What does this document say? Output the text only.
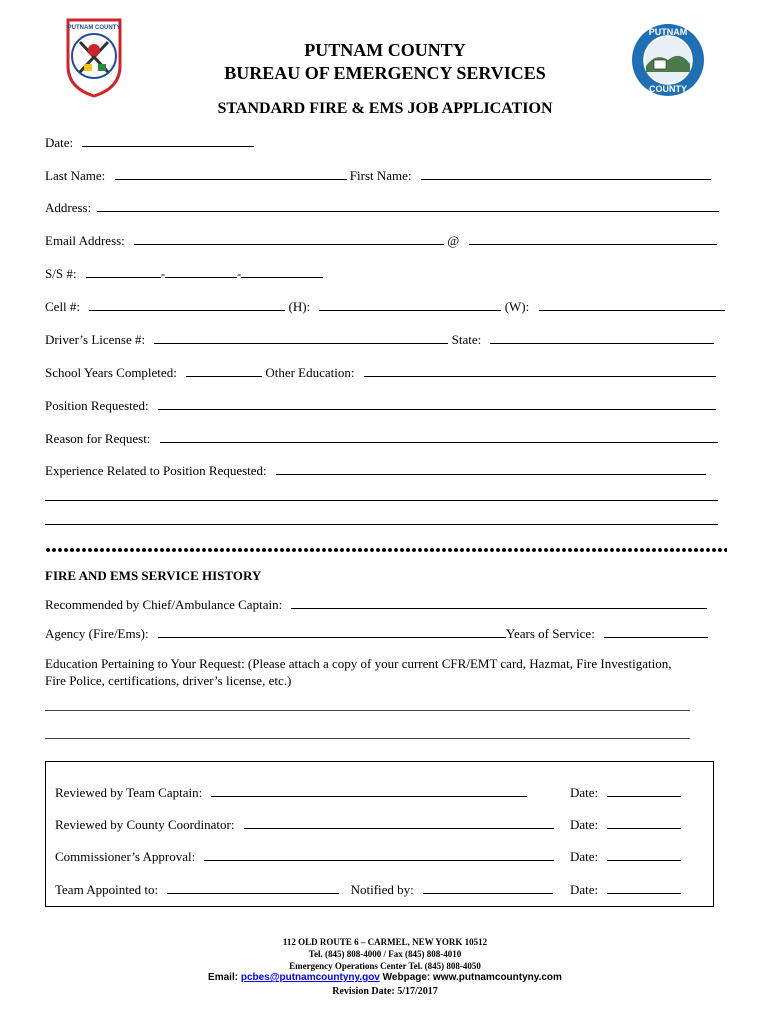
PUTNAM COUNTY	PUTNAM
COUNTY
PUTNAM COUNTY
BUREAU OF EMERGENCY SERVICES
STANDARD FIRE & EMS JOB APPLICATION
Date:
Last Name:	First Name:
Address:
Email Address:	@
S/S #:	-	-
Cell #:	(H):	(W):
Driver’s License #:	State:
School Years Completed:	Other Education:
Position Requested:
Reason for Request:
Experience Related to Position Requested:
FIRE AND EMS SERVICE HISTORY
Recommended by Chief/Ambulance Captain:
Agency (Fire/Ems):	Years of Service:
Education Pertaining to Your Request: (Please attach a copy of your current CFR/EMT card, Hazmat, Fire Investigation,
Fire Police, certifications, driver’s license, etc.)
Reviewed by Team Captain:	Date:
Reviewed by County Coordinator:	Date:
Commissioner’s Approval:	Date:
Team Appointed to:	Notified by:	Date:
112 OLD ROUTE 6 – CARMEL, NEW YORK 10512
Tel. (845) 808-4000 / Fax (845) 808-4010
Emergency Operations Center Tel. (845) 808-4050
Email: pcbes@putnamcountyny.gov Webpage: www.putnamcountyny.com
Revision Date: 5/17/2017
